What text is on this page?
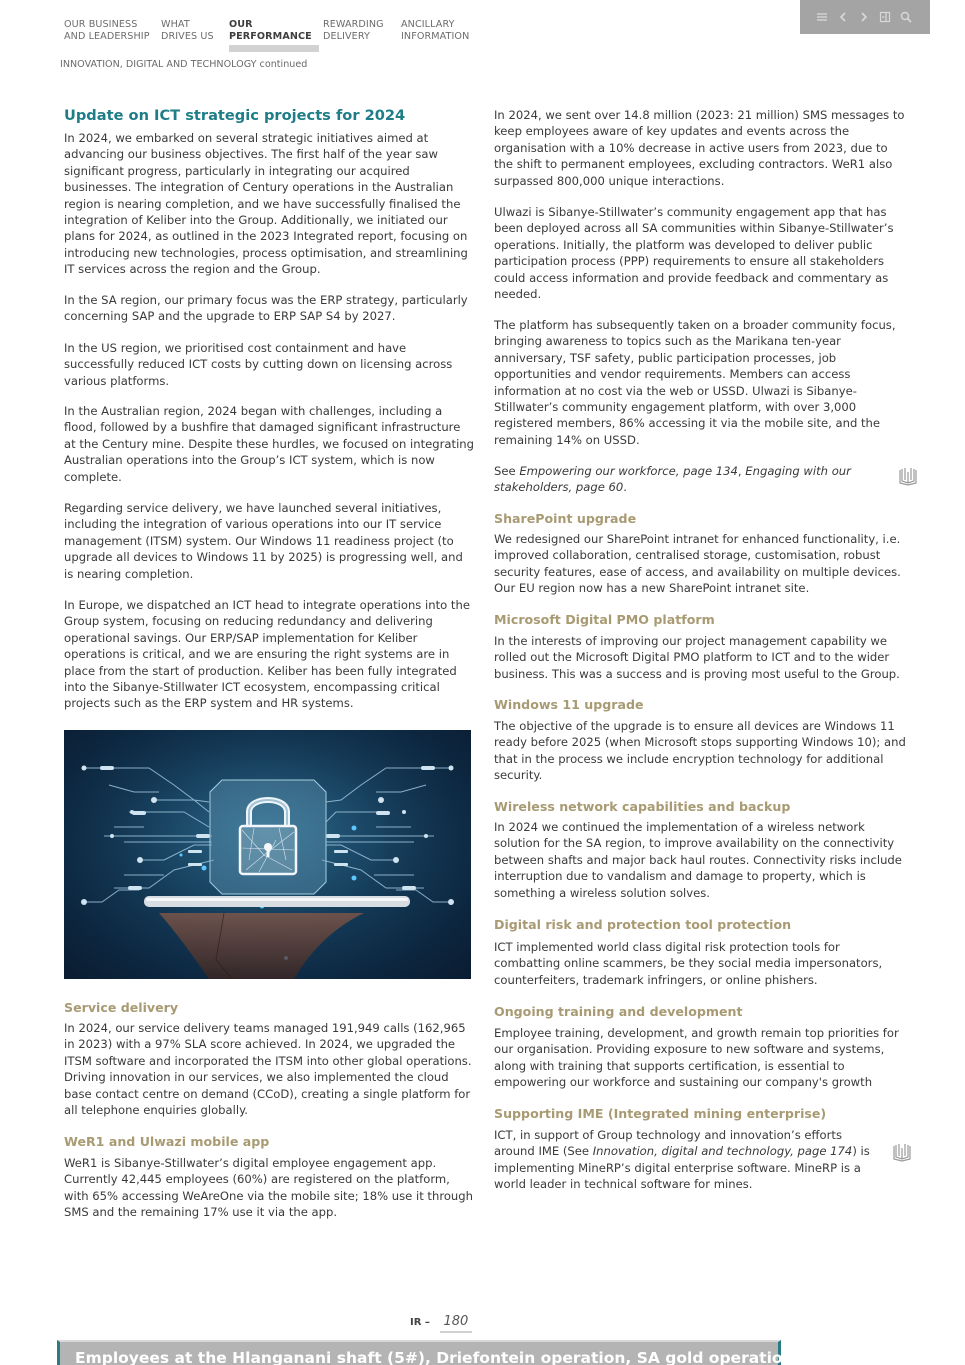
OUR BUSINESS
AND LEADERSHIP
WHAT
DRIVES US
OUR
PERFORMANCE
REWARDING
DELIVERY
ANCILLARY
INFORMATION
INNOVATION, DIGITAL AND TECHNOLOGY continued
Update on ICT strategic projects for 2024

In 2024, we embarked on several strategic initiatives aimed at advancing our business objectives. The first half of the year saw significant progress, particularly in integrating our acquired businesses. The integration of Century operations in the Australian region is nearing completion, and we have successfully finalised the integration of Keliber into the Group. Additionally, we initiated our plans for 2024, as outlined in the 2023 Integrated report, focusing on introducing new technologies, process optimisation, and streamlining IT services across the region and the Group.

In the SA region, our primary focus was the ERP strategy, particularly concerning SAP and the upgrade to ERP SAP S4 by 2027.

In the US region, we prioritised cost containment and have successfully reduced ICT costs by cutting down on licensing across various platforms.

In the Australian region, 2024 began with challenges, including a flood, followed by a bushfire that damaged significant infrastructure at the Century mine. Despite these hurdles, we focused on integrating Australian operations into the Group’s ICT system, which is now complete.

Regarding service delivery, we have launched several initiatives, including the integration of various operations into our IT service management (ITSM) system. Our Windows 11 readiness project (to upgrade all devices to Windows 11 by 2025) is progressing well, and is nearing completion.

In Europe, we dispatched an ICT head to integrate operations into the Group system, focusing on reducing redundancy and delivering operational savings. Our ERP/SAP implementation for Keliber operations is critical, and we are ensuring the right systems are in place from the start of production. Keliber has been fully integrated into the Sibanye-Stillwater ICT ecosystem, encompassing critical projects such as the ERP system and HR systems.

Service delivery

In 2024, our service delivery teams managed 191,949 calls (162,965 in 2023) with a 97% SLA score achieved. In 2024, we upgraded the ITSM software and incorporated the ITSM into other global operations. Driving innovation in our services, we also implemented the cloud base contact centre on demand (CCoD), creating a single platform for all telephone enquiries globally.

WeR1 and Ulwazi mobile app

WeR1 is Sibanye-Stillwater’s digital employee engagement app. Currently 42,445 employees (60%) are registered on the platform, with 65% accessing WeAreOne via the mobile site; 18% use it through SMS and the remaining 17% use it via the app.

In 2024, we sent over 14.8 million (2023: 21 million) SMS messages to keep employees aware of key updates and events across the organisation with a 10% decrease in active users from 2023, due to the shift to permanent employees, excluding contractors. WeR1 also surpassed 800,000 unique interactions.

Ulwazi is Sibanye-Stillwater’s community engagement app that has been deployed across all SA communities within Sibanye-Stillwater’s operations. Initially, the platform was developed to deliver public participation process (PPP) requirements to ensure all stakeholders could access information and provide feedback and commentary as needed.

The platform has subsequently taken on a broader community focus, bringing awareness to topics such as the Marikana ten-year anniversary, TSF safety, public participation processes, job opportunities and vendor requirements. Members can access information at no cost via the web or USSD. Ulwazi is Sibanye-Stillwater’s community engagement platform, with over 3,000 registered members, 86% accessing it via the mobile site, and the remaining 14% on USSD.

See Empowering our workforce, page 134, Engaging with our stakeholders, page 60.

SharePoint upgrade

We redesigned our SharePoint intranet for enhanced functionality, i.e. improved collaboration, centralised storage, customisation, robust security features, ease of access, and availability on multiple devices. Our EU region now has a new SharePoint intranet site.

Microsoft Digital PMO platform

In the interests of improving our project management capability we rolled out the Microsoft Digital PMO platform to ICT and to the wider business. This was a success and is proving most useful to the Group.

Windows 11 upgrade

The objective of the upgrade is to ensure all devices are Windows 11 ready before 2025 (when Microsoft stops supporting Windows 10); and that in the process we include encryption technology for additional security.

Wireless network capabilities and backup

In 2024 we continued the implementation of a wireless network solution for the SA region, to improve availability on the connectivity between shafts and major back haul routes. Connectivity risks include interruption due to vandalism and damage to property, which is something a wireless solution solves.

Digital risk and protection tool protection

ICT implemented world class digital risk protection tools for combatting online scammers, be they social media impersonators, counterfeiters, trademark infringers, or online phishers.

Ongoing training and development

Employee training, development, and growth remain top priorities for our organisation. Providing exposure to new software and systems, along with training that supports certification, is essential to empowering our workforce and sustaining our company's growth

Supporting IME (Integrated mining enterprise)

ICT, in support of Group technology and innovation’s efforts around IME (See Innovation, digital and technology, page 174) is implementing MineRP’s digital enterprise software. MineRP is a world leader in technical software for mines.

IR – 180
Employees at the Hlanganani shaft (5#), Driefontein operation, SA gold operations
